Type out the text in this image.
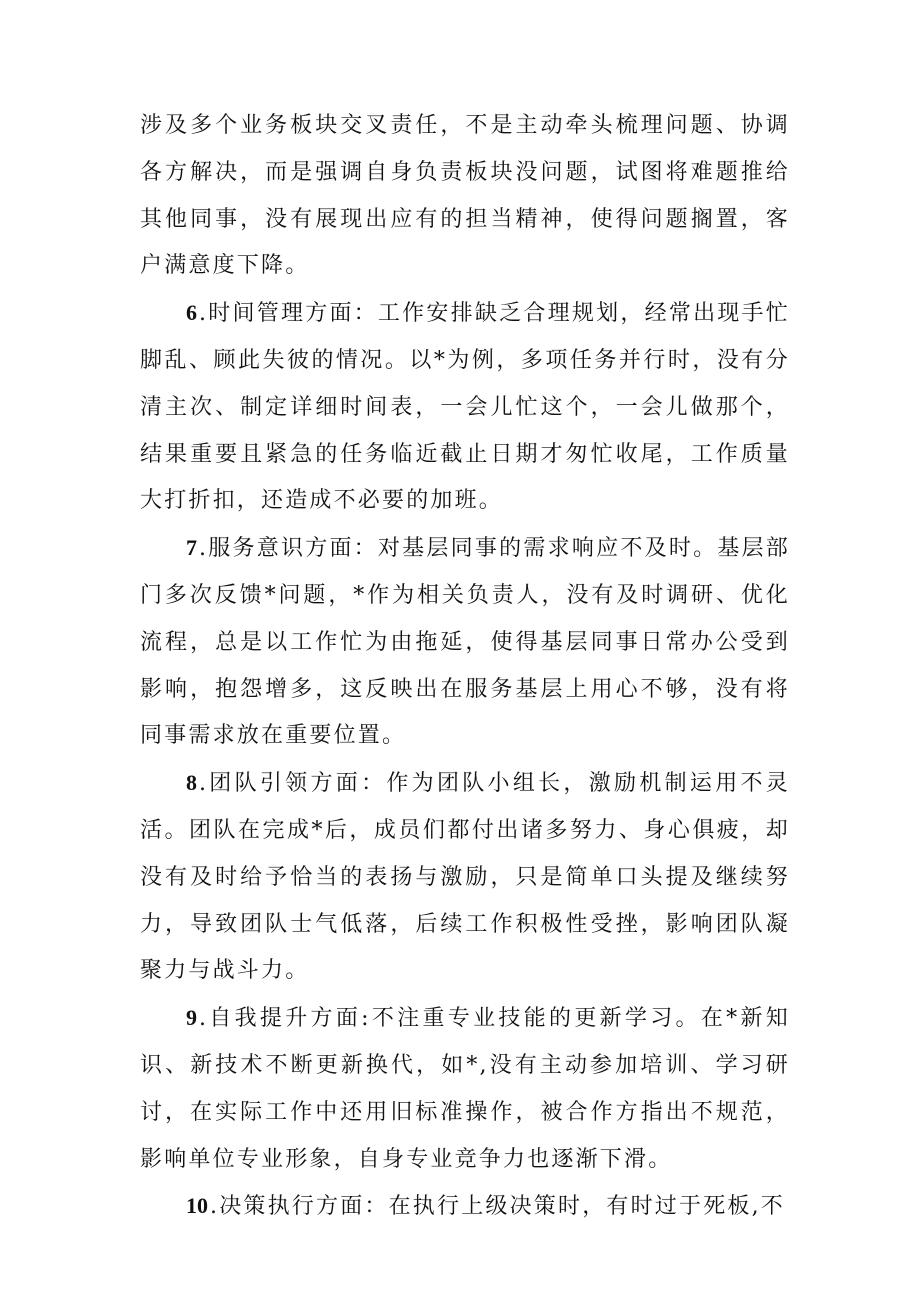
涉及多个业务板块交叉责任，不是主动牵头梳理问题、协调各方解决，而是强调自身负责板块没问题，试图将难题推给其他同事，没有展现出应有的担当精神，使得问题搁置，客户满意度下降。

6.时间管理方面：工作安排缺乏合理规划，经常出现手忙脚乱、顾此失彼的情况。以*为例，多项任务并行时，没有分清主次、制定详细时间表，一会儿忙这个，一会儿做那个，结果重要且紧急的任务临近截止日期才匆忙收尾，工作质量大打折扣，还造成不必要的加班。

7.服务意识方面：对基层同事的需求响应不及时。基层部门多次反馈*问题，*作为相关负责人，没有及时调研、优化流程，总是以工作忙为由拖延，使得基层同事日常办公受到影响，抱怨增多，这反映出在服务基层上用心不够，没有将同事需求放在重要位置。

8.团队引领方面：作为团队小组长，激励机制运用不灵活。团队在完成*后，成员们都付出诸多努力、身心俱疲，却没有及时给予恰当的表扬与激励，只是简单口头提及继续努力，导致团队士气低落，后续工作积极性受挫，影响团队凝聚力与战斗力。

9.自我提升方面:不注重专业技能的更新学习。在*新知识、新技术不断更新换代，如*,没有主动参加培训、学习研讨，在实际工作中还用旧标准操作，被合作方指出不规范，影响单位专业形象，自身专业竞争力也逐渐下滑。

10.决策执行方面：在执行上级决策时，有时过于死板,不
